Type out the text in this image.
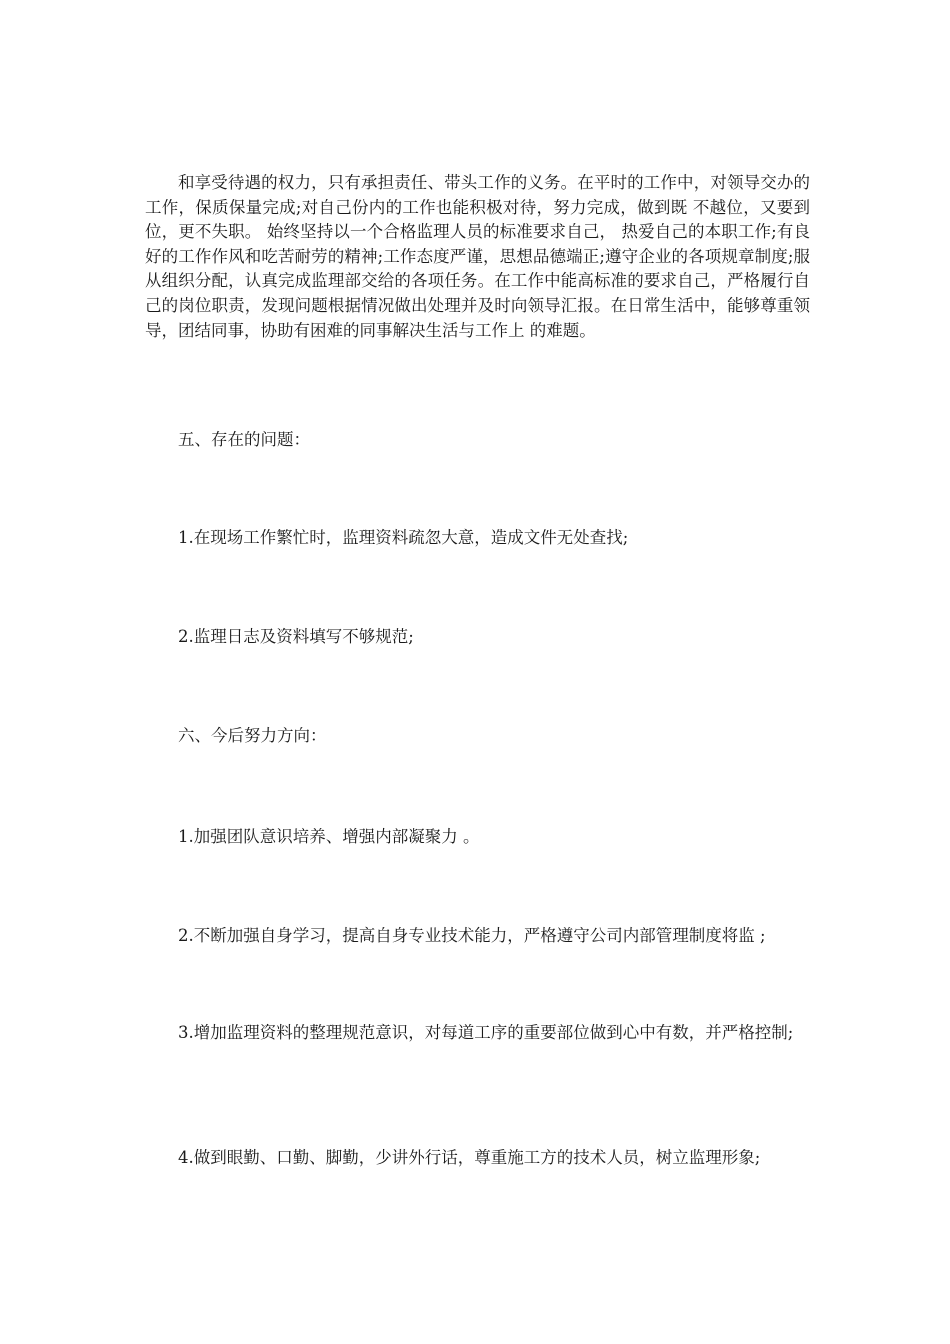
和享受待遇的权力，只有承担责任、带头工作的义务。在平时的工作中，对领导交办的工作，保质保量完成;对自己份内的工作也能积极对待，努力完成，做到既 不越位，又要到位，更不失职。 始终坚持以一个合格监理人员的标准要求自己， 热爱自己的本职工作;有良好的工作作风和吃苦耐劳的精神;工作态度严谨，思想品德端正;遵守企业的各项规章制度;服从组织分配，认真完成监理部交给的各项任务。在工作中能高标准的要求自己，严格履行自己的岗位职责，发现问题根据情况做出处理并及时向领导汇报。在日常生活中，能够尊重领导，团结同事，协助有困难的同事解决生活与工作上 的难题。

五、存在的问题：

1.在现场工作繁忙时，监理资料疏忽大意，造成文件无处查找;

2.监理日志及资料填写不够规范;

六、今后努力方向：

1.加强团队意识培养、增强内部凝聚力 。

2.不断加强自身学习，提高自身专业技术能力，严格遵守公司内部管理制度将监 ;

3.增加监理资料的整理规范意识，对每道工序的重要部位做到心中有数，并严格控制;

4.做到眼勤、口勤、脚勤，少讲外行话，尊重施工方的技术人员，树立监理形象;
